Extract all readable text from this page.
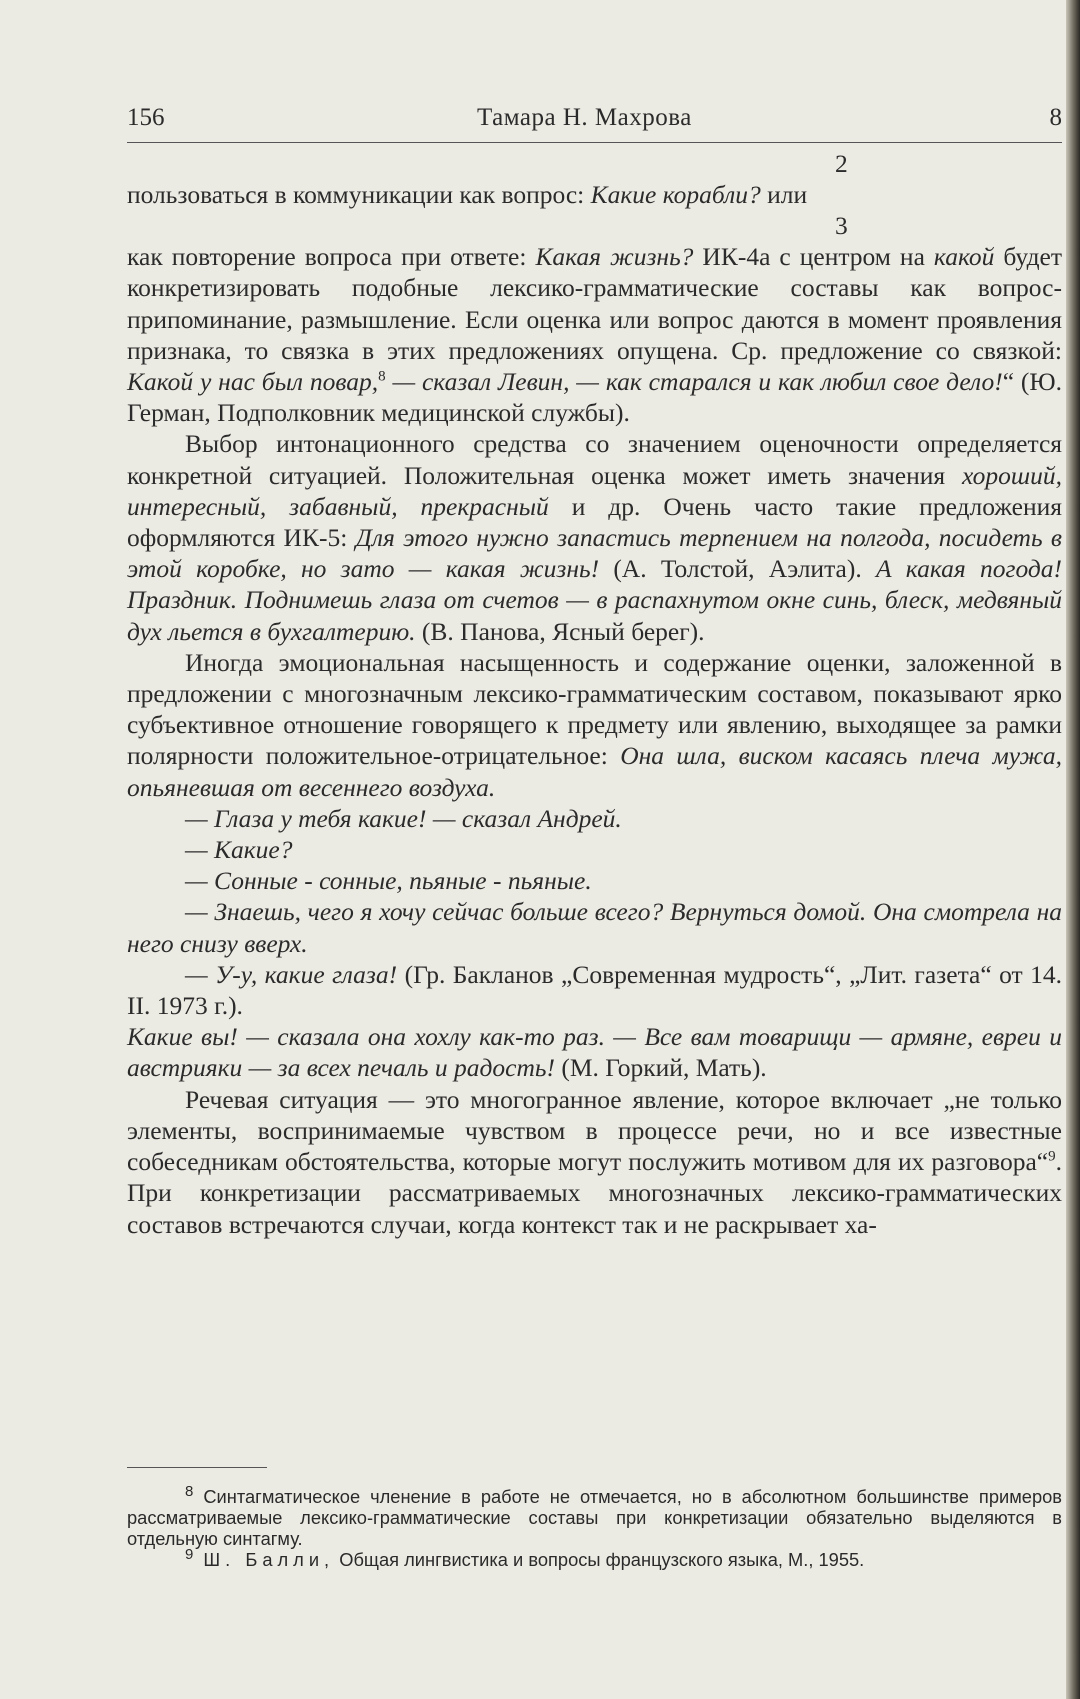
156	Тамара Н. Махрова	8
2

пользоваться в коммуникации как вопрос: Какие корабли? или

3

как повторение вопроса при ответе: Какая жизнь? ИК-4а с центром на какой будет конкретизировать подобные лексико-грамматические составы как вопрос-припоминание, размышление. Если оценка или вопрос даются в момент проявления признака, то связка в этих предложениях опущена. Ср. предложение со связкой: Какой у нас был повар,$^8$ — сказал Левин, — как старался и как любил свое дело!“ (Ю. Герман, Подполковник медицинской службы).

Выбор интонационного средства со значением оценочности определяется конкретной ситуацией. Положительная оценка может иметь значения хороший, интересный, забавный, прекрасный и др. Очень часто такие предложения оформляются ИК-5: Для этого нужно запастись терпением на полгода, посидеть в этой коробке, но зато — какая жизнь! (А. Толстой, Аэлита). А какая погода! Праздник. Поднимешь глаза от счетов — в распахнутом окне синь, блеск, медвяный дух льется в бухгалтерию. (В. Панова, Ясный берег).

Иногда эмоциональная насыщенность и содержание оценки, заложенной в предложении с многозначным лексико-грамматическим составом, показывают ярко субъективное отношение говорящего к предмету или явлению, выходящее за рамки полярности положительное-отрицательное: Она шла, виском касаясь плеча мужа, опьяневшая от весеннего воздуха.

— Глаза у тебя какие! — сказал Андрей.

— Какие?

— Сонные - сонные, пьяные - пьяные.

— Знаешь, чего я хочу сейчас больше всего? Вернуться домой. Она смотрела на него снизу вверх.

— У-у, какие глаза! (Гр. Бакланов „Современная мудрость“, „Лит. газета“ от 14. II. 1973 г.).

Какие вы! — сказала она хохлу как-то раз. — Все вам товарищи — армяне, евреи и австрияки — за всех печаль и радость! (М. Горкий, Мать).

Речевая ситуация — это многогранное явление, которое включает „не только элементы, воспринимаемые чувством в процессе речи, но и все известные собеседникам обстоятельства, которые могут послужить мотивом для их разговора“$^9$. При конкретизации рассматриваемых многозначных лексико-грамматических составов встречаются случаи, когда контекст так и не раскрывает ха-

$^8$ Синтагматическое членение в работе не отмечается, но в абсолютном большинстве примеров рассматриваемые лексико-грамматические составы при конкретизации обязательно выделяются в отдельную синтагму.

$^9$ Ш. Балли, Общая лингвистика и вопросы французского языка, М., 1955.
